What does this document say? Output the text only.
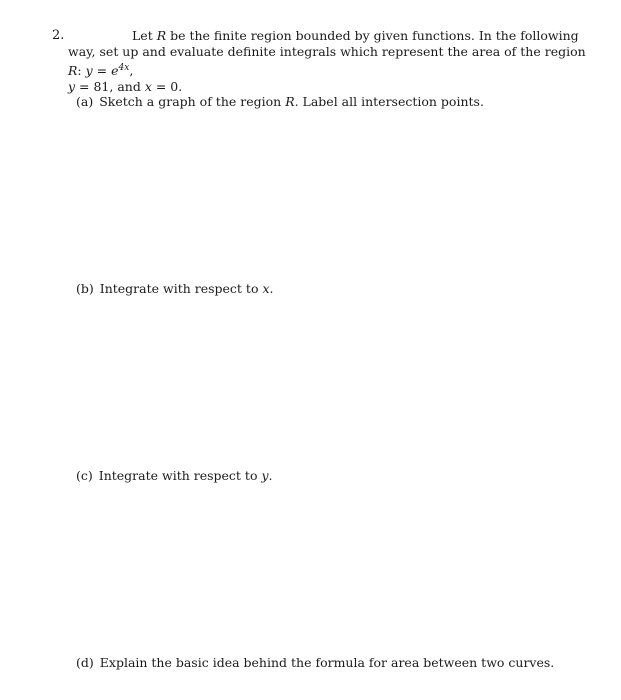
2.	Let R be the finite region bounded by given functions. In the following way, set up and evaluate definite integrals which represent the area of the region R: $y = e^{4x}$,
y = 81, and x = 0.
(a) Sketch a graph of the region R. Label all intersection points.
(b) Integrate with respect to x.
(c) Integrate with respect to y.
(d) Explain the basic idea behind the formula for area between two curves.
